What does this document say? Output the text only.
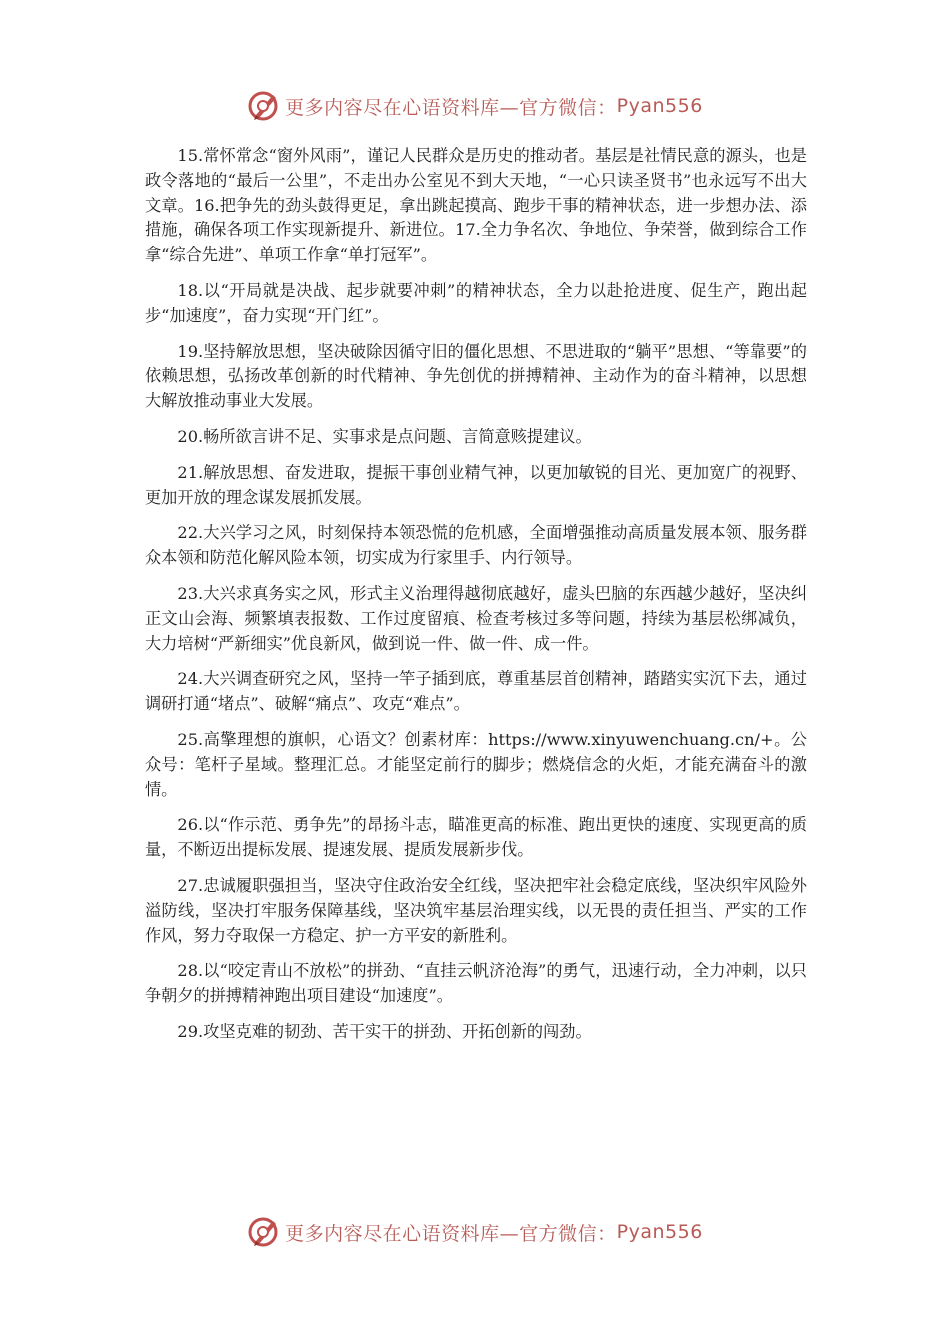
更多内容尽在心语资料库—官方微信： Pyan556

15.常怀常念“窗外风雨”，谨记人民群众是历史的推动者。基层是社情民意的源头，也是政令落地的“最后一公里”，不走出办公室见不到大天地，“一心只读圣贤书”也永远写不出大文章。16.把争先的劲头鼓得更足，拿出跳起摸高、跑步干事的精神状态，进一步想办法、添措施，确保各项工作实现新提升、新进位。17.全力争名次、争地位、争荣誉，做到综合工作拿“综合先进”、单项工作拿“单打冠军”。

18.以“开局就是决战、起步就要冲刺”的精神状态，全力以赴抢进度、促生产，跑出起步“加速度”，奋力实现“开门红”。

19.坚持解放思想，坚决破除因循守旧的僵化思想、不思进取的“躺平”思想、“等靠要”的依赖思想，弘扬改革创新的时代精神、争先创优的拼搏精神、主动作为的奋斗精神，以思想大解放推动事业大发展。

20.畅所欲言讲不足、实事求是点问题、言简意赅提建议。

21.解放思想、奋发进取，提振干事创业精气神，以更加敏锐的目光、更加宽广的视野、更加开放的理念谋发展抓发展。

22.大兴学习之风，时刻保持本领恐慌的危机感，全面增强推动高质量发展本领、服务群众本领和防范化解风险本领，切实成为行家里手、内行领导。

23.大兴求真务实之风，形式主义治理得越彻底越好，虚头巴脑的东西越少越好，坚决纠正文山会海、频繁填表报数、工作过度留痕、检查考核过多等问题，持续为基层松绑减负，大力培树“严新细实”优良新风，做到说一件、做一件、成一件。

24.大兴调查研究之风，坚持一竿子插到底，尊重基层首创精神，踏踏实实沉下去，通过调研打通“堵点”、破解“痛点”、攻克“难点”。

25.高擎理想的旗帜，心语文？创素材库：https://www.xinyuwenchuang.cn/+。公众号：笔杆子星域。整理汇总。才能坚定前行的脚步；燃烧信念的火炬，才能充满奋斗的激情。

26.以“作示范、勇争先”的昂扬斗志，瞄准更高的标准、跑出更快的速度、实现更高的质量，不断迈出提标发展、提速发展、提质发展新步伐。

27.忠诚履职强担当，坚决守住政治安全红线，坚决把牢社会稳定底线，坚决织牢风险外溢防线，坚决打牢服务保障基线，坚决筑牢基层治理实线，以无畏的责任担当、严实的工作作风，努力夺取保一方稳定、护一方平安的新胜利。

28.以“咬定青山不放松”的拼劲、“直挂云帆济沧海”的勇气，迅速行动，全力冲刺，以只争朝夕的拼搏精神跑出项目建设“加速度”。

29.攻坚克难的韧劲、苦干实干的拼劲、开拓创新的闯劲。

更多内容尽在心语资料库—官方微信： Pyan556
